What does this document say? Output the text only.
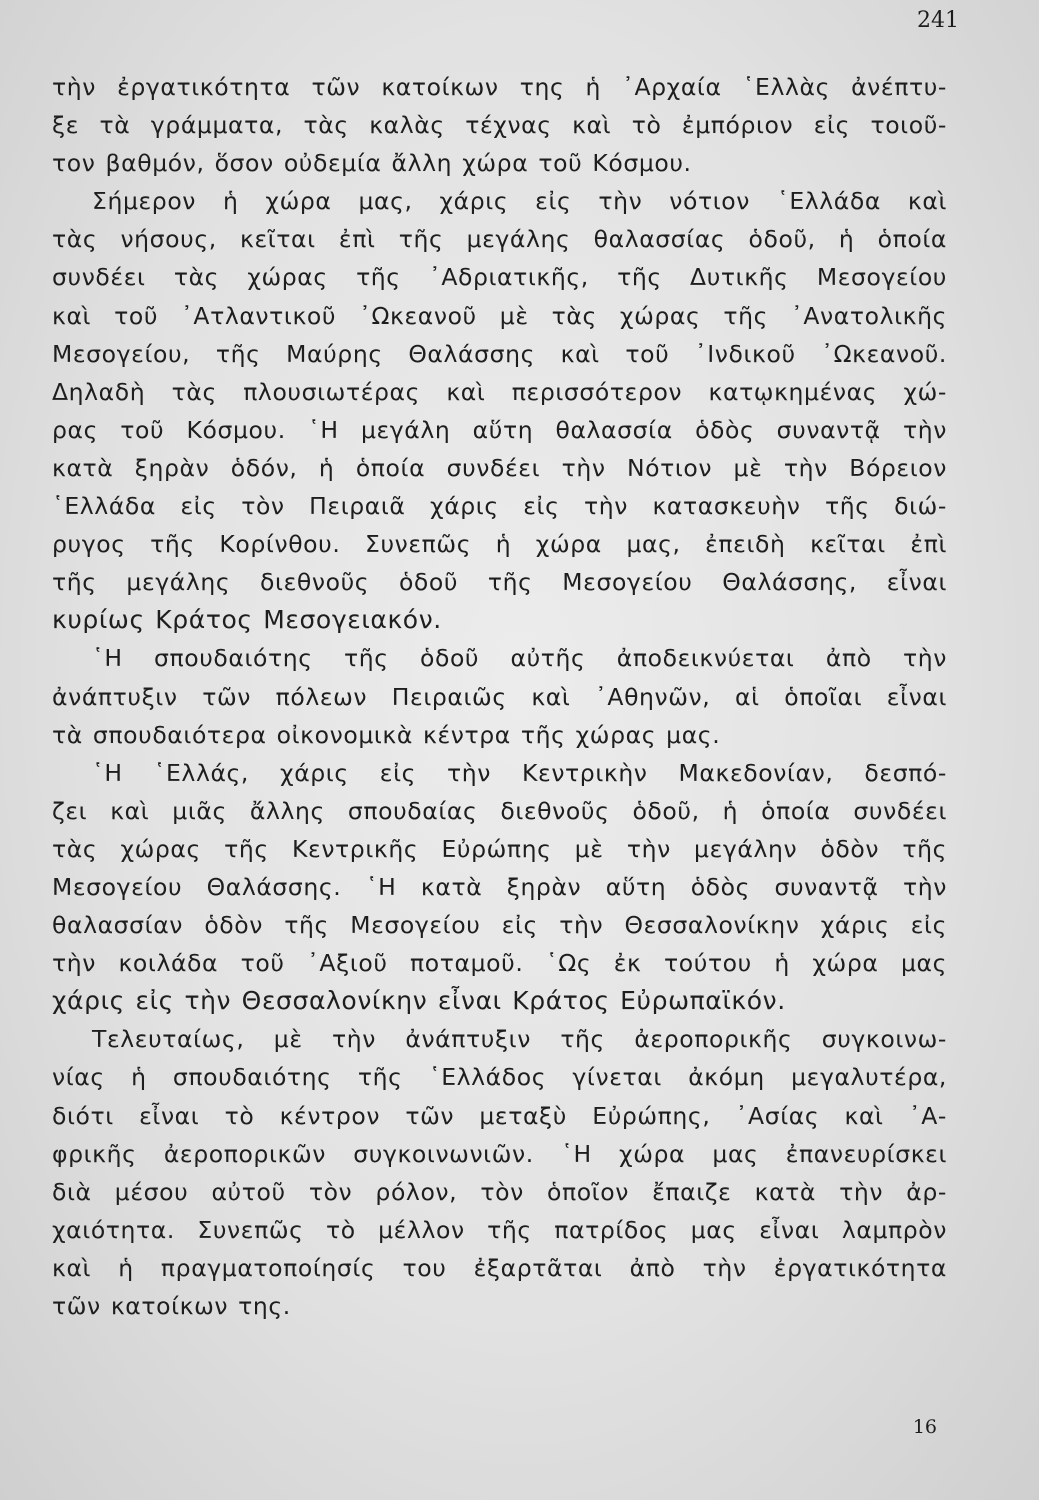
241
τὴν ἐργατικότητα τῶν κατοίκων της ἡ ᾿Αρχαία ῾Ελλὰς ἀνέπτυ-
ξε τὰ γράμματα, τὰς καλὰς τέχνας καὶ τὸ ἐμπόριον εἰς τοιοῦ-
τον βαθμόν, ὅσον οὐδεμία ἄλλη χώρα τοῦ Κόσμου.
Σήμερον ἡ χώρα μας, χάρις εἰς τὴν νότιον ῾Ελλάδα καὶ
τὰς νήσους, κεῖται ἐπὶ τῆς μεγάλης θαλασσίας ὁδοῦ, ἡ ὁποία
συνδέει τὰς χώρας τῆς ᾿Αδριατικῆς, τῆς Δυτικῆς Μεσογείου
καὶ τοῦ ᾿Ατλαντικοῦ ᾿Ωκεανοῦ μὲ τὰς χώρας τῆς ᾿Ανατολικῆς
Μεσογείου, τῆς Μαύρης Θαλάσσης καὶ τοῦ ᾿Ινδικοῦ ᾿Ωκεανοῦ.
Δηλαδὴ τὰς πλουσιωτέρας καὶ περισσότερον κατῳκημένας χώ-
ρας τοῦ Κόσμου. ῾Η μεγάλη αὕτη θαλασσία ὁδὸς συναντᾷ τὴν
κατὰ ξηρὰν ὁδόν, ἡ ὁποία συνδέει τὴν Νότιον μὲ τὴν Βόρειον
῾Ελλάδα εἰς τὸν Πειραιᾶ χάρις εἰς τὴν κατασκευὴν τῆς διώ-
ρυγος τῆς Κορίνθου. Συνεπῶς ἡ χώρα μας, ἐπειδὴ κεῖται ἐπὶ
τῆς μεγάλης διεθνοῦς ὁδοῦ τῆς Μεσογείου Θαλάσσης, εἶναι
κυρίως Κράτος Μεσογειακόν.
῾Η σπουδαιότης τῆς ὁδοῦ αὐτῆς ἀποδεικνύεται ἀπὸ τὴν
ἀνάπτυξιν τῶν πόλεων Πειραιῶς καὶ ᾿Αθηνῶν, αἱ ὁποῖαι εἶναι
τὰ σπουδαιότερα οἰκονομικὰ κέντρα τῆς χώρας μας.
῾Η ῾Ελλάς, χάρις εἰς τὴν Κεντρικὴν Μακεδονίαν, δεσπό-
ζει καὶ μιᾶς ἄλλης σπουδαίας διεθνοῦς ὁδοῦ, ἡ ὁποία συνδέει
τὰς χώρας τῆς Κεντρικῆς Εὐρώπης μὲ τὴν μεγάλην ὁδὸν τῆς
Μεσογείου Θαλάσσης. ῾Η κατὰ ξηρὰν αὕτη ὁδὸς συναντᾷ τὴν
θαλασσίαν ὁδὸν τῆς Μεσογείου εἰς τὴν Θεσσαλονίκην χάρις εἰς
τὴν κοιλάδα τοῦ ᾿Αξιοῦ ποταμοῦ. ῾Ως ἐκ τούτου ἡ χώρα μας
χάρις εἰς τὴν Θεσσαλονίκην εἶναι Κράτος Εὐρωπαϊκόν.
Τελευταίως, μὲ τὴν ἀνάπτυξιν τῆς ἀεροπορικῆς συγκοινω-
νίας ἡ σπουδαιότης τῆς ῾Ελλάδος γίνεται ἀκόμη μεγαλυτέρα,
διότι εἶναι τὸ κέντρον τῶν μεταξὺ Εὐρώπης, ᾿Ασίας καὶ ᾿Α-
φρικῆς ἀεροπορικῶν συγκοινωνιῶν. ῾Η χώρα μας ἐπανευρίσκει
διὰ μέσου αὐτοῦ τὸν ρόλον, τὸν ὁποῖον ἔπαιζε κατὰ τὴν ἀρ-
χαιότητα. Συνεπῶς τὸ μέλλον τῆς πατρίδος μας εἶναι λαμπρὸν
καὶ ἡ πραγματοποίησίς του ἐξαρτᾶται ἀπὸ τὴν ἐργατικότητα
τῶν κατοίκων της.
16
